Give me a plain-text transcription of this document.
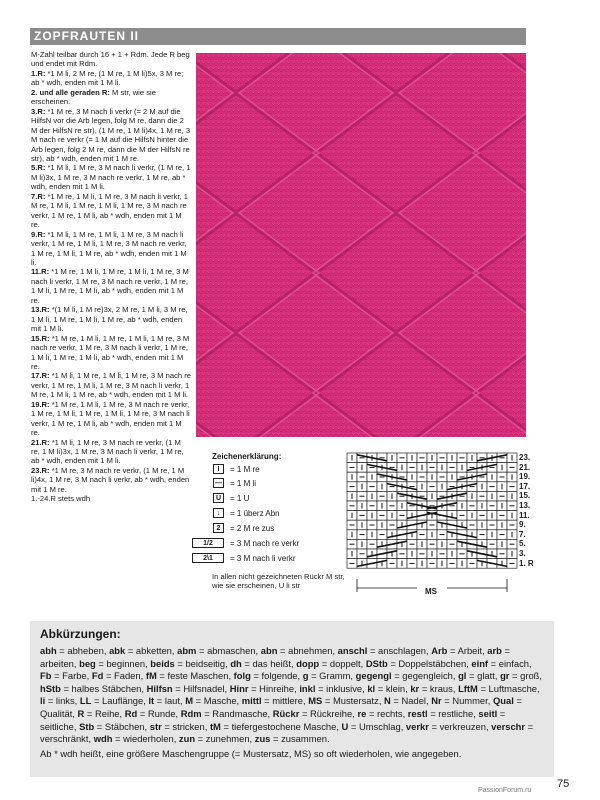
ZOPFRAUTEN II

M-Zahl teilbar durch 16 + 1 + Rdm. Jede R beg und endet mit Rdm.

1.R: *1 M li, 2 M re, (1 M re, 1 M li)5x, 3 M re; ab * wdh, enden mit 1 M li.

2. und alle geraden R: M str, wie sie erscheinen.

3.R: *1 M re, 3 M nach li verkr (= 2 M auf die HilfsN vor die Arb legen, folg M re, dann die 2 M der HilfsN re str), (1 M re, 1 M li)4x, 1 M re, 3 M nach re verkr (= 1 M auf die HilfsN hinter die Arb legen, folg 2 M re, dann die M der HilfsN re str), ab * wdh, enden mit 1 M re.

5.R: *1 M li, 1 M re, 3 M nach li verkr, (1 M re, 1 M li)3x, 1 M re, 3 M nach re verkr, 1 M re, ab * wdh, enden mit 1 M li.

7.R: *1 M re, 1 M li, 1 M re, 3 M nach li verkr, 1 M re, 1 M li, 1 M re, 1 M li, 1 M re, 3 M nach re verkr, 1 M re, 1 M li, ab * wdh, enden mit 1 M re.

9.R: *1 M li, 1 M re, 1 M li, 1 M re, 3 M nach li verkr, 1 M re, 1 M li, 1 M re, 3 M nach re verkr, 1 M re, 1 M li, 1 M re, ab * wdh, enden mit 1 M li.

11.R: *1 M re, 1 M li, 1 M re, 1 M li, 1 M re, 3 M nach li verkr, 1 M re, 3 M nach re verkr, 1 M re, 1 M li, 1 M re, 1 M li, ab * wdh, enden mit 1 M re.

13.R: *(1 M li, 1 M re)3x, 2 M re, 1 M li, 3 M re, 1 M li, 1 M re, 1 M li, 1 M re, ab * wdh, enden mit 1 M li.

15.R: *1 M re, 1 M li, 1 M re, 1 M li, 1 M re, 3 M nach re verkr, 1 M re, 3 M nach li verkr, 1 M re, 1 M li, 1 M re, 1 M li, ab * wdh, enden mit 1 M re.

17.R: *1 M li, 1 M re, 1 M li, 1 M re, 3 M nach re verkr, 1 M re, 1 M li, 1 M re, 3 M nach li verkr, 1 M re, 1 M li, 1 M re, ab * wdh, enden mit 1 M li.

19.R: *1 M re, 1 M li, 1 M re, 3 M nach re verkr, 1 M re, 1 M li, 1 M re, 1 M li, 1 M re, 3 M nach li verkr, 1 M re, 1 M li, ab * wdh, enden mit 1 M re.

21.R: *1 M li, 1 M re, 3 M nach re verkr, (1 M re, 1 M li)3x, 1 M re, 3 M nach li verkr, 1 M re, ab * wdh, enden mit 1 M li.

23.R: *1 M re, 3 M nach re verkr, (1 M re, 1 M li)4x, 1 M re, 3 M nach li verkr, ab * wdh, enden mit 1 M re.

1.-24.R stets wdh

Zeichenerklärung:
I	= 1 M re
— = 1 M li
U	= 1 U
↓	= 1 überz Abn
2	= 2 M re zus
1/2	= 3 M nach re verkr
2\1	= 3 M nach li verkr
In allen nicht gezeichneten Rückr M str, wie sie erscheinen, U li str
23.
21.
19.
17.
15.
13.
11.
9.
7.
5.
3.
1. R
MS
Abkürzungen:
abh = abheben, abk = abketten, abm = abmaschen, abn = abnehmen, anschl = anschlagen, Arb = Arbeit, arb = arbeiten, beg = beginnen, beids = beidseitig, dh = das heißt, dopp = doppelt, DStb = Doppelstäbchen, einf = einfach, Fb = Farbe, Fd = Faden, fM = feste Maschen, folg = folgende, g = Gramm, gegengl = gegengleich, gl = glatt, gr = groß, hStb = halbes Stäbchen, Hilfsn = Hilfsnadel, Hinr = Hinreihe, inkl = inklusive, kl = klein, kr = kraus, LftM = Luftmasche, li = links, LL = Lauflänge, lt = laut, M = Masche, mittl = mittlere, MS = Mustersatz, N = Nadel, Nr = Nummer, Qual = Qualität, R = Reihe, Rd = Runde, Rdm = Randmasche, Rückr = Rückreihe, re = rechts, restl = restliche, seitl = seitliche, Stb = Stäbchen, str = stricken, tM = tiefergestochene Masche, U = Umschlag, verkr = verkreuzen, verschr = verschränkt, wdh = wiederholen, zun = zunehmen, zus = zusammen.
Ab * wdh heißt, eine größere Maschengruppe (= Mustersatz, MS) so oft wiederholen, wie angegeben.
PassionForum.ru
75
